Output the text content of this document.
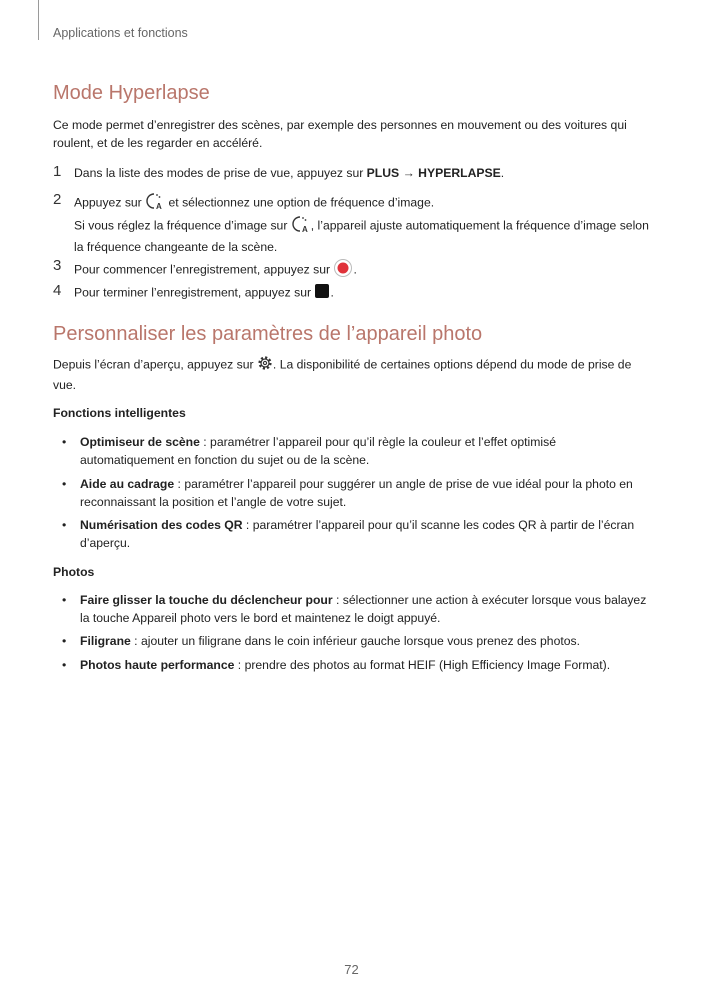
Applications et fonctions
Mode Hyperlapse
Ce mode permet d’enregistrer des scènes, par exemple des personnes en mouvement ou des voitures qui roulent, et de les regarder en accéléré.
1 Dans la liste des modes de prise de vue, appuyez sur PLUS → HYPERLAPSE.
2 Appuyez sur A et sélectionnez une option de fréquence d’image.
Si vous réglez la fréquence d’image sur A , l’appareil ajuste automatiquement la fréquence d’image selon la fréquence changeante de la scène.
3 Pour commencer l’enregistrement, appuyez sur .
4 Pour terminer l’enregistrement, appuyez sur .
Personnaliser les paramètres de l’appareil photo
Depuis l’écran d’aperçu, appuyez sur . La disponibilité de certaines options dépend du mode de prise de vue.
Fonctions intelligentes
• Optimiseur de scène : paramétrer l’appareil pour qu’il règle la couleur et l’effet optimisé automatiquement en fonction du sujet ou de la scène.
• Aide au cadrage : paramétrer l’appareil pour suggérer un angle de prise de vue idéal pour la photo en reconnaissant la position et l’angle de votre sujet.
• Numérisation des codes QR : paramétrer l’appareil pour qu’il scanne les codes QR à partir de l’écran d’aperçu.
Photos
• Faire glisser la touche du déclencheur pour : sélectionner une action à exécuter lorsque vous balayez la touche Appareil photo vers le bord et maintenez le doigt appuyé.
• Filigrane : ajouter un filigrane dans le coin inférieur gauche lorsque vous prenez des photos.
• Photos haute performance : prendre des photos au format HEIF (High Efficiency Image Format).
72
